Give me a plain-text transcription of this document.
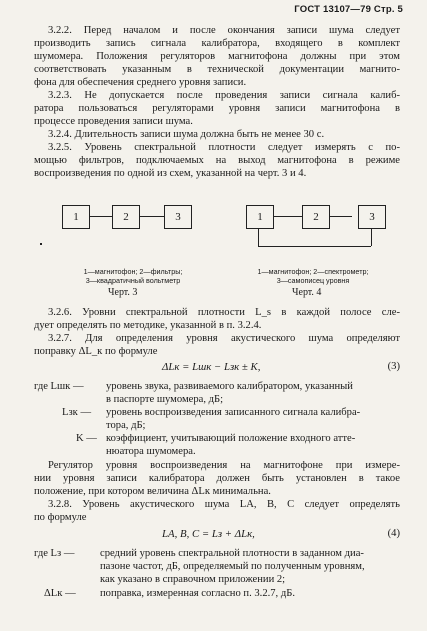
ГОСТ 13107—79 Стр. 5
3.2.2. Перед началом и после окончания записи шума следует
производить запись сигнала калибратора, входящего в комплект
шумомера. Положения регуляторов магнитофона должны при этом
соответствовать указанным в технической документации магнито-
фона для обеспечения среднего уровня записи.
3.2.3. Не допускается после проведения записи сигнала калиб-
ратора пользоваться регуляторами уровня записи магнитофона в
процессе проведения записи шума.
3.2.4. Длительность записи шума должна быть не менее 30 с.
3.2.5. Уровень спектральной плотности следует измерять с по-
мощью фильтров, подключаемых на выход магнитофона в режиме
воспроизведения по одной из схем, указанной на черт. 3 и 4.
1	2	3
1—магнитофон; 2—фильтры;
3—квадратичный вольтметр
Черт. 3
1	2	3
1—магнитофон; 2—спектрометр;
3—самописец уровня
Черт. 4
3.2.6. Уровни спектральной плотности L_s в каждой полосе сле-
дует определять по методике, указанной в п. 3.2.4.
3.2.7. Для определения уровня акустического шума определяют
поправку ΔL_к по формуле
ΔLк = Lшк − Lзк ± K,	(3)
где Lшк — уровень звука, развиваемого калибратором, указанный
в паспорте шумомера, дБ;
Lзк — уровень воспроизведения записанного сигнала калибра-
тора, дБ;
K — коэффициент, учитывающий положение входного атте-
нюатора шумомера.
Регулятор уровня воспроизведения на магнитофоне при измере-
нии уровня записи калибратора должен быть установлен в такое
положение, при котором величина ΔLк минимальна.
3.2.8. Уровень акустического шума LA, B, C следует определять
по формуле
LA, B, C = Lз + ΔLк,	(4)
где Lз — средний уровень спектральной плотности в заданном диа-
пазоне частот, дБ, определяемый по полученным уровням,
как указано в справочном приложении 2;
ΔLк — поправка, измеренная согласно п. 3.2.7, дБ.
